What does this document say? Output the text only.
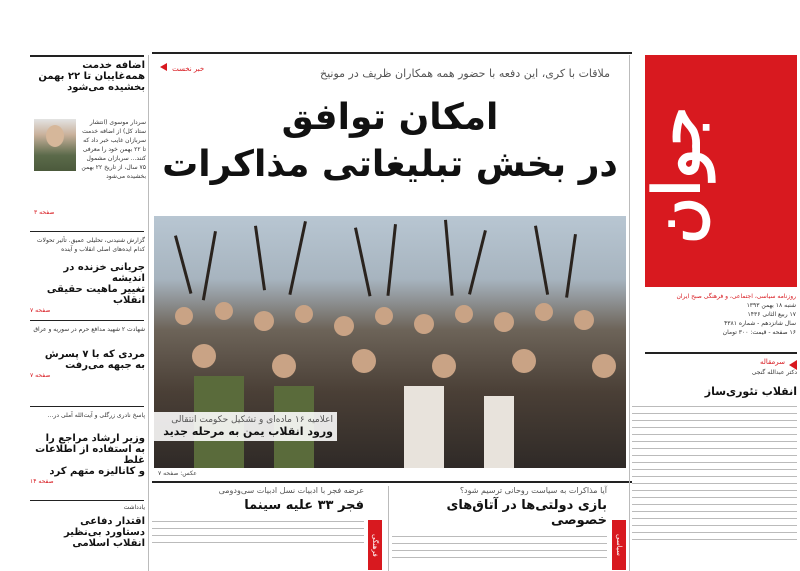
جوان
روزنامه سیاسی، اجتماعی، و فرهنگی صبح ایران
شنبه ۱۸ بهمن ۱۳۹۳
۱۷ ربیع الثانی ۱۴۳۶
سال شانزدهم - شماره ۴۳۸۱
۱۶ صفحه - قیمت: ۳۰۰ تومان
سرمقاله
دکتر عبدالله گنجی
انقلاب تئوری‌ساز
خبر نخست	ملاقات با کری، این دفعه با حضور همه همکاران ظریف در مونیخ
امکان توافق
در بخش تبلیغاتی مذاکرات
اعلامیه ۱۶ ماده‌ای و تشکیل حکومت انتقالی
ورود انقلاب یمن به مرحله جدید
عکس: صفحه ۷
اضافه خدمت
همه‌غایبان تا ۲۲ بهمن
بخشیده می‌شود
سردار موسوی (انتشار ستاد کل) از اضافه خدمت سربازان غایب خبر داد که تا ۲۲ بهمن خود را معرفی کنند... سربازان مشمول ۷۵ سال، از تاریخ ۲۲ بهمن بخشیده می‌شود
صفحه ۳
گزارش شنیدنی، تحلیلی عمیق. تأثیر تحولات کدام ایده‌های اصلی انقلاب و آینده
جریانی خزنده در اندیشه
تغییر ماهیت حقیقی انقلاب
صفحه ۷
شهادت ۲ شهید مدافع حرم در سوریه و عراق
مردی که با ۷ پسرش
به جبهه می‌رفت
صفحه ۷
پاسخ نادری زرگلی و آیت‌الله آملی در...
وزیر ارشاد مراجع را
به استفاده از اطلاعات غلط
و کانالیزه متهم کرد
صفحه ۱۴
یادداشت
اقتدار دفاعی
دستاورد بی‌نظیر
انقلاب اسلامی	سیاسی
آیا مذاکرات به سیاست روحانی ترسیم شود؟
بازی دولتی‌ها در آتاق‌های خصوصی
فرهنگی
عرضه فجر با ادبیات نسل ادبیات سی‌ودومی
فجر ۳۳ علیه سینما
